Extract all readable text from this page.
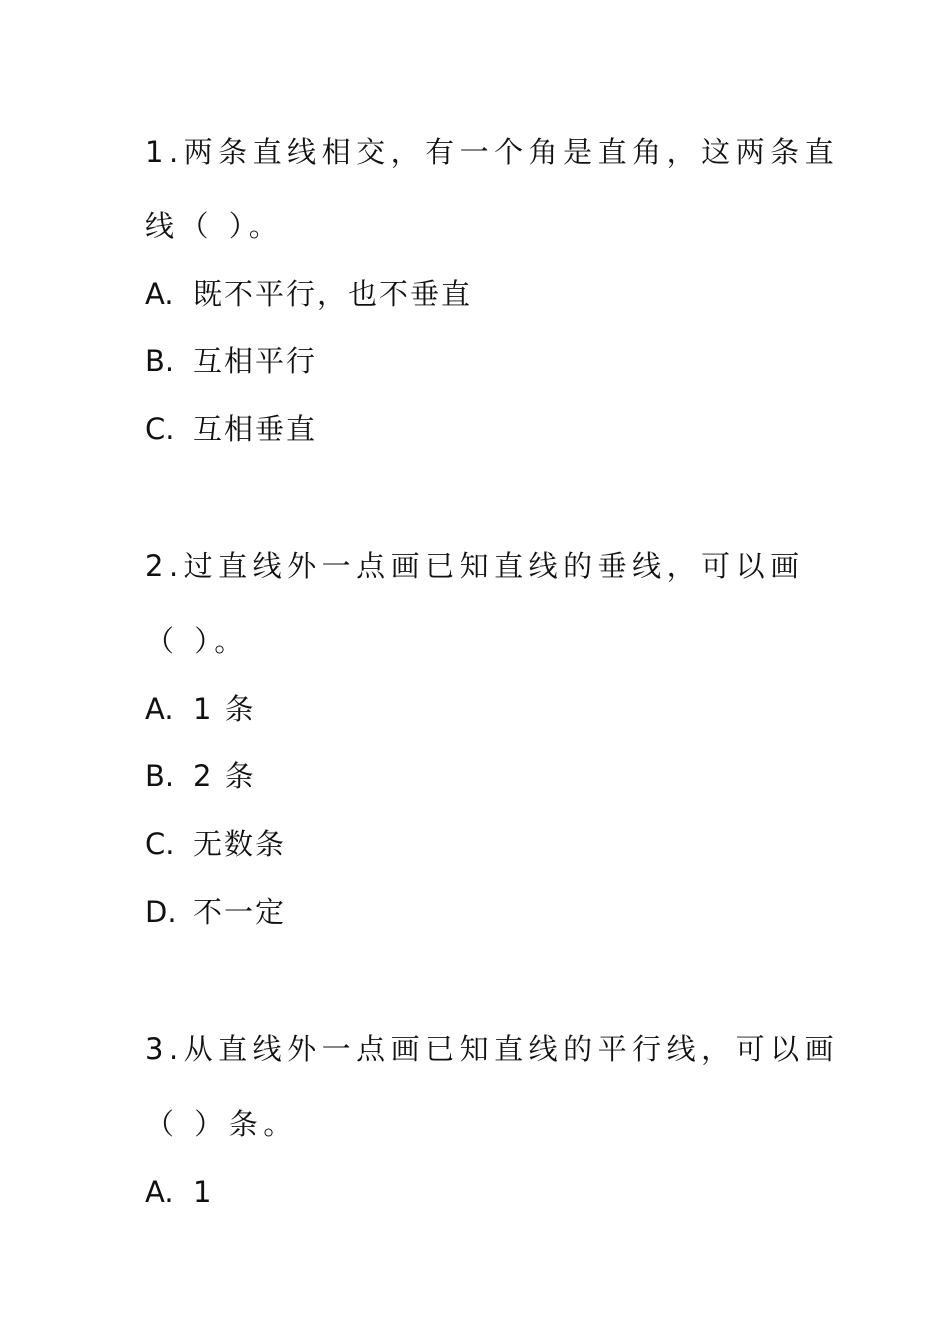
1.两条直线相交，有一个角是直角，这两条直
线（ ）。
A. 既不平行，也不垂直
B. 互相平行
C. 互相垂直
2.过直线外一点画已知直线的垂线，可以画
（ ）。
A. 1 条
B. 2 条
C. 无数条
D. 不一定
3.从直线外一点画已知直线的平行线，可以画
（ ）条。
A. 1
